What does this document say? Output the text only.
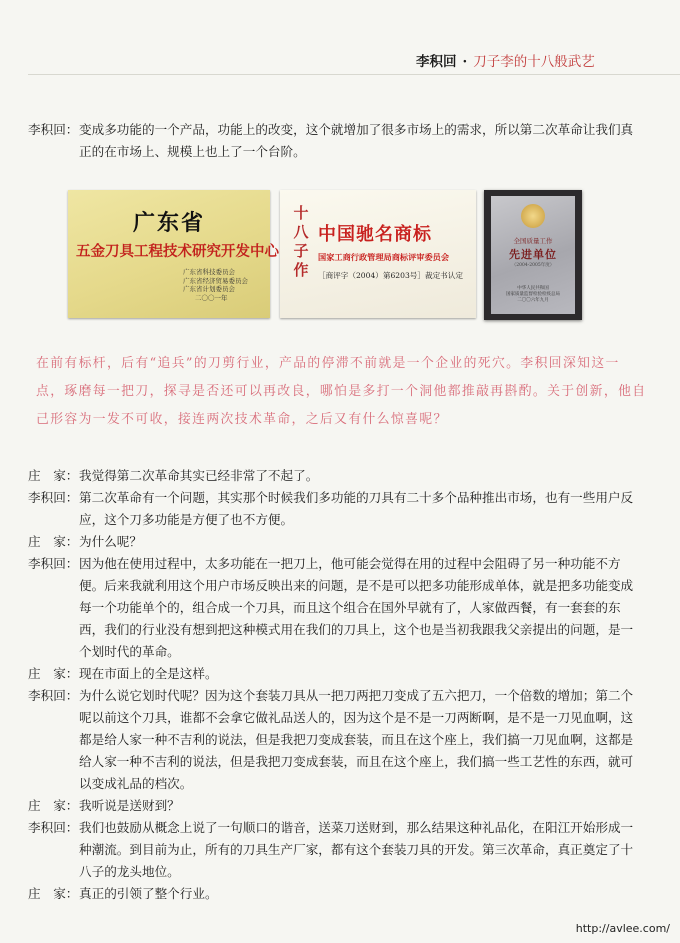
李积回 · 刀子李的十八般武艺
李积回： 变成多功能的一个产品，功能上的改变，这个就增加了很多市场上的需求，所以第二次革命让我们真正的在市场上、规模上也上了一个台阶。
广东省
五金刀具工程技术研究开发中心
广东省科技委员会
广东省经济贸易委员会
广东省计划委员会
二〇〇一年
十八子作
中国驰名商标
国家工商行政管理局商标评审委员会
［商评字（2004）第6203号］裁定书认定
全国质量工作
先进单位
（2004-2005年度）
中华人民共和国
国家质量监督检验检疫总局
二〇〇六年九月
在前有标杆，后有“追兵”的刀剪行业，产品的停滞不前就是一个企业的死穴。李积回深知这一点，琢磨每一把刀，探寻是否还可以再改良，哪怕是多打一个洞他都推敲再斟酌。关于创新，他自己形容为一发不可收，接连两次技术革命，之后又有什么惊喜呢？
庄　家： 我觉得第二次革命其实已经非常了不起了。
李积回： 第二次革命有一个问题，其实那个时候我们多功能的刀具有二十多个品种推出市场，也有一些用户反应，这个刀多功能是方便了也不方便。
庄　家： 为什么呢？
李积回： 因为他在使用过程中，太多功能在一把刀上，他可能会觉得在用的过程中会阻碍了另一种功能不方便。后来我就利用这个用户市场反映出来的问题，是不是可以把多功能形成单体，就是把多功能变成每一个功能单个的，组合成一个刀具，而且这个组合在国外早就有了，人家做西餐，有一套套的东西，我们的行业没有想到把这种模式用在我们的刀具上，这个也是当初我跟我父亲提出的问题，是一个划时代的革命。
庄　家： 现在市面上的全是这样。
李积回： 为什么说它划时代呢？因为这个套装刀具从一把刀两把刀变成了五六把刀，一个倍数的增加；第二个呢以前这个刀具，谁都不会拿它做礼品送人的，因为这个是不是一刀两断啊，是不是一刀见血啊，这都是给人家一种不吉利的说法，但是我把刀变成套装，而且在这个座上，我们搞一刀见血啊，这都是给人家一种不吉利的说法，但是我把刀变成套装，而且在这个座上，我们搞一些工艺性的东西，就可以变成礼品的档次。
庄　家： 我听说是送财到？
李积回： 我们也鼓励从概念上说了一句顺口的谐音，送菜刀送财到，那么结果这种礼品化，在阳江开始形成一种潮流。到目前为止，所有的刀具生产厂家，都有这个套装刀具的开发。第三次革命，真正奠定了十八子的龙头地位。
庄　家： 真正的引领了整个行业。
http://avlee.com/
